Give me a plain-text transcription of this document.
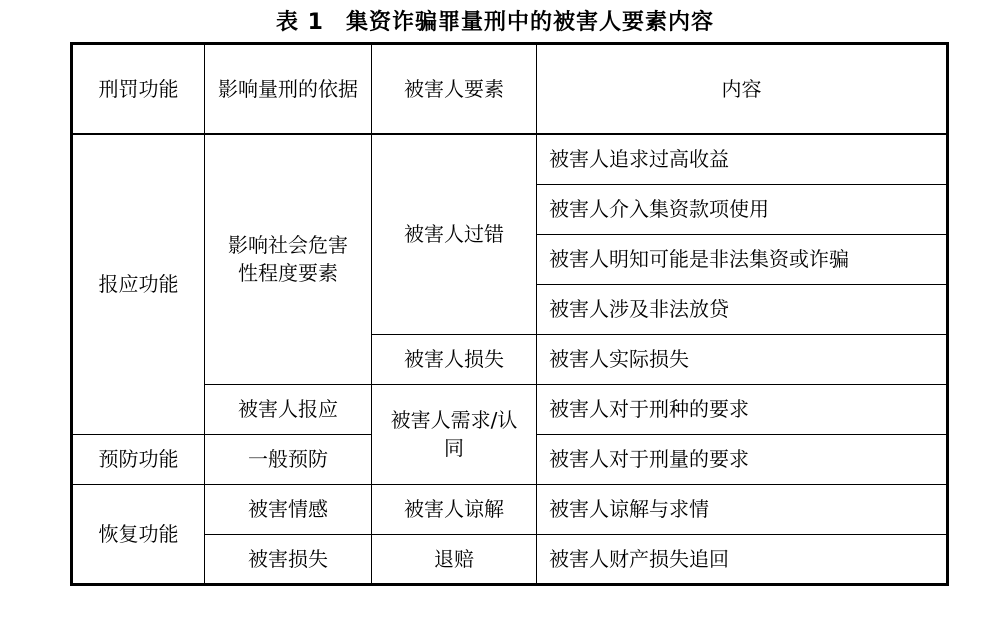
表 1 集资诈骗罪量刑中的被害人要素内容
刑罚功能	影响量刑的依据	被害人要素	内容
报应功能	影响社会危害性程度要素	被害人过错	被害人追求过高收益
			被害人介入集资款项使用
			被害人明知可能是非法集资或诈骗
			被害人涉及非法放贷
		被害人损失	被害人实际损失
	被害人报应	被害人需求/认同	被害人对于刑种的要求
预防功能	一般预防		被害人对于刑量的要求
恢复功能	被害情感	被害人谅解	被害人谅解与求情
	被害损失	退赔	被害人财产损失追回
